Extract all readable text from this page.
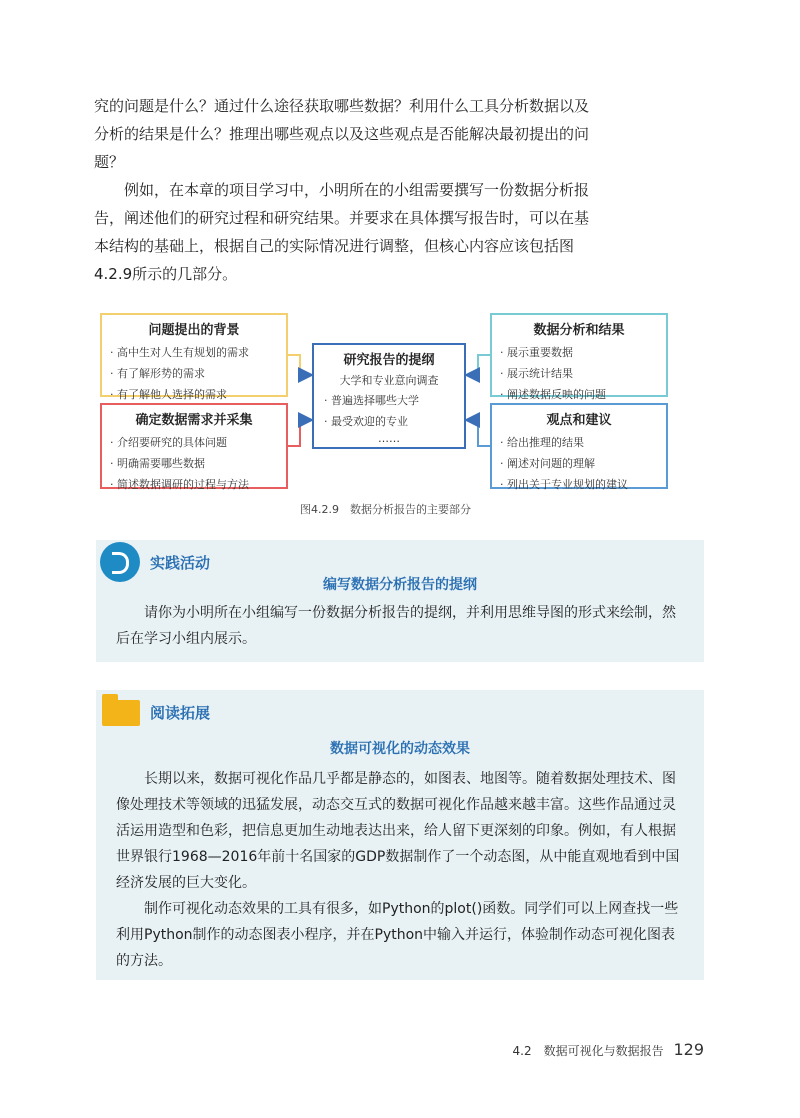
究的问题是什么？通过什么途径获取哪些数据？利用什么工具分析数据以及分析的结果是什么？推理出哪些观点以及这些观点是否能解决最初提出的问题？

例如，在本章的项目学习中，小明所在的小组需要撰写一份数据分析报告，阐述他们的研究过程和研究结果。并要求在具体撰写报告时，可以在基本结构的基础上，根据自己的实际情况进行调整，但核心内容应该包括图4.2.9所示的几部分。

问题提出的背景
· 高中生对人生有规划的需求
· 有了解形势的需求
· 有了解他人选择的需求
确定数据需求并采集
· 介绍要研究的具体问题
· 明确需要哪些数据
· 简述数据调研的过程与方法
数据分析和结果
· 展示重要数据
· 展示统计结果
· 阐述数据反映的问题
观点和建议
· 给出推理的结果
· 阐述对问题的理解
· 列出关于专业规划的建议
研究报告的提纲
大学和专业意向调查
· 普遍选择哪些大学
· 最受欢迎的专业
……
图4.2.9　数据分析报告的主要部分
实践活动
编写数据分析报告的提纲

请你为小明所在小组编写一份数据分析报告的提纲，并利用思维导图的形式来绘制，然后在学习小组内展示。

阅读拓展
数据可视化的动态效果

长期以来，数据可视化作品几乎都是静态的，如图表、地图等。随着数据处理技术、图像处理技术等领域的迅猛发展，动态交互式的数据可视化作品越来越丰富。这些作品通过灵活运用造型和色彩，把信息更加生动地表达出来，给人留下更深刻的印象。例如，有人根据世界银行1968—2016年前十名国家的GDP数据制作了一个动态图，从中能直观地看到中国经济发展的巨大变化。

制作可视化动态效果的工具有很多，如Python的plot()函数。同学们可以上网查找一些利用Python制作的动态图表小程序，并在Python中输入并运行，体验制作动态可视化图表的方法。

4.2　数据可视化与数据报告 129
